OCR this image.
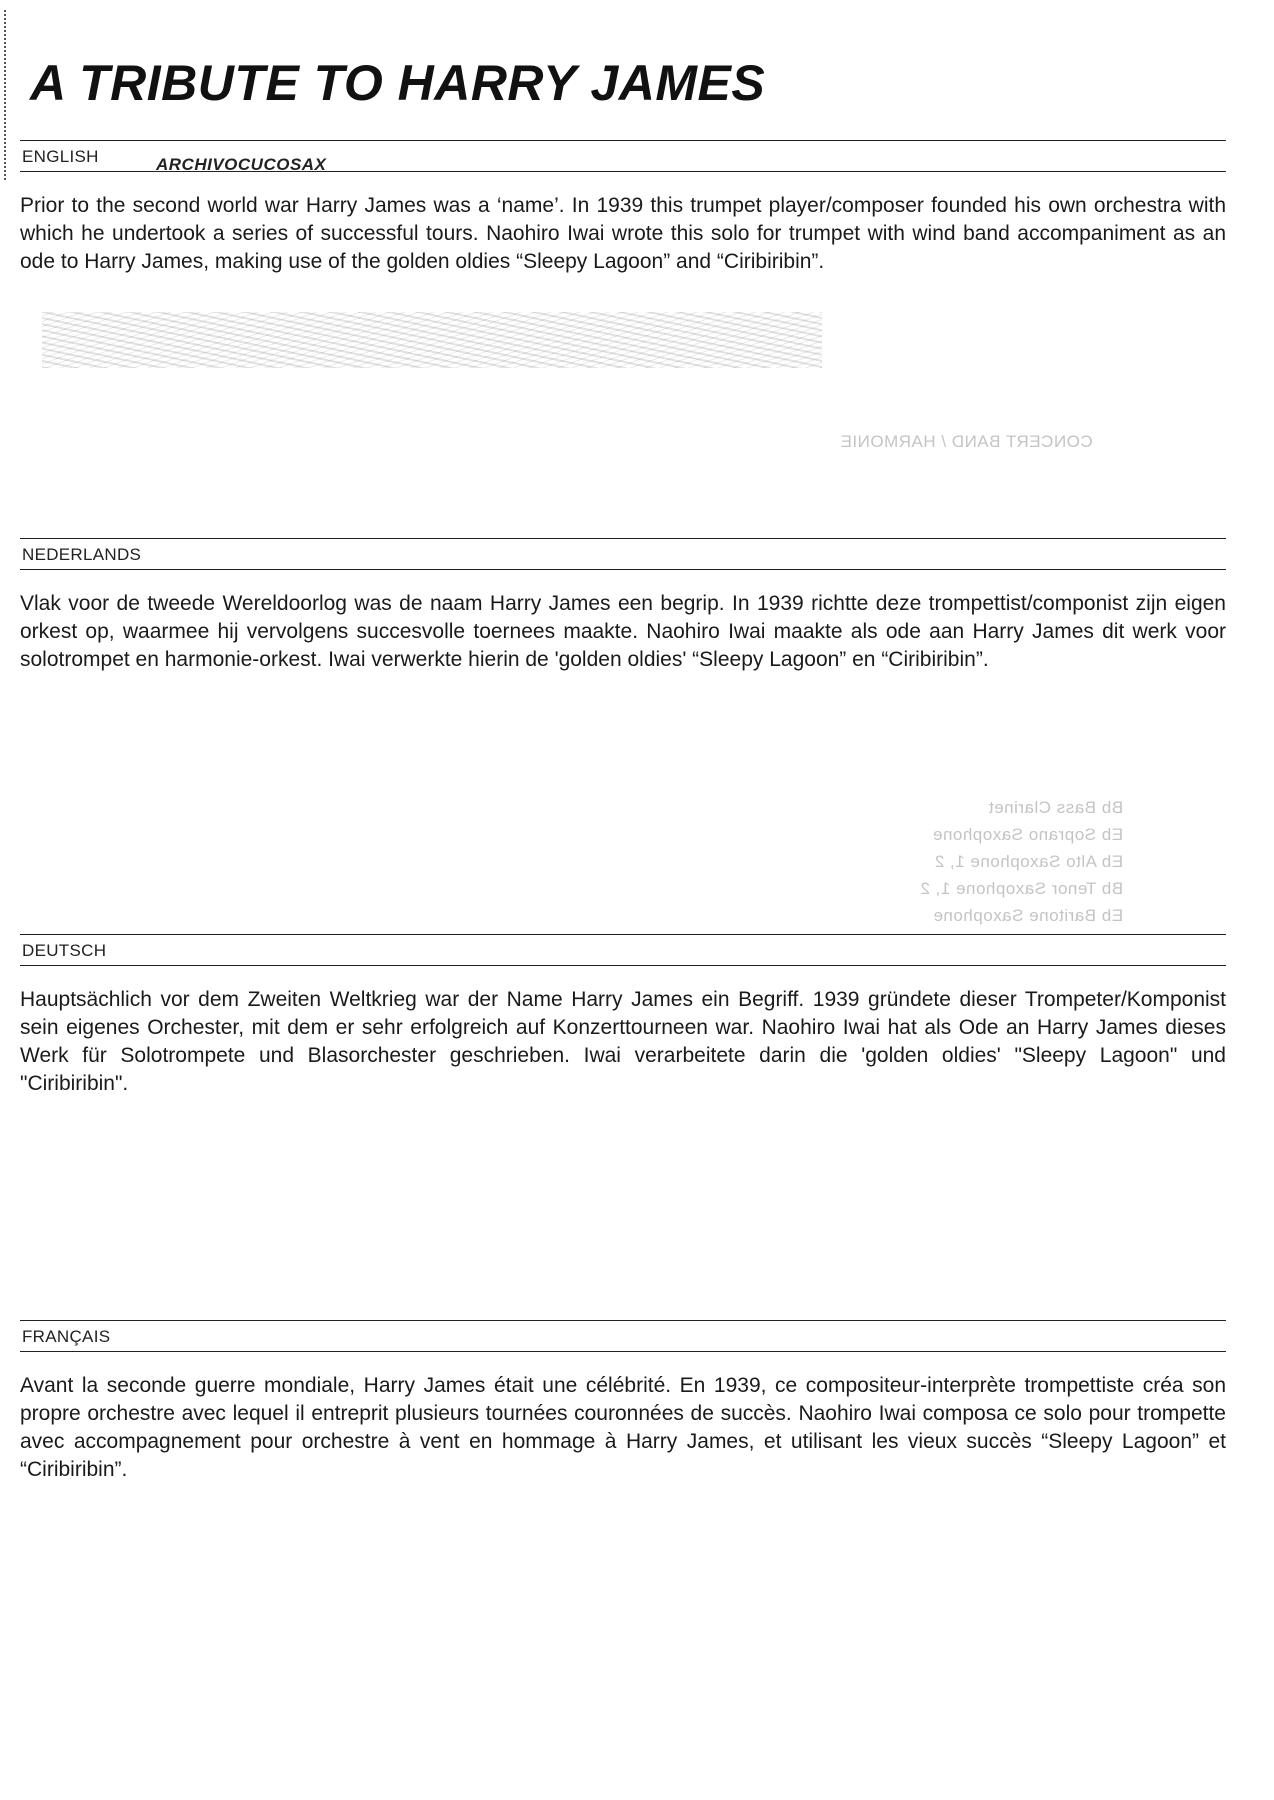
A TRIBUTE TO HARRY JAMES
ENGLISH	ARCHIVOCUCOSAX
Prior to the second world war Harry James was a ‘name’. In 1939 this trumpet player/composer founded his own orchestra with which he undertook a series of successful tours. Naohiro Iwai wrote this solo for trumpet with wind band accompaniment as an ode to Harry James, making use of the golden oldies “Sleepy Lagoon” and “Ciribiribin”.
CONCERT BAND / HARMONIE
Bb Bass Clarinet
Eb Soprano Saxophone
Eb Alto Saxophone 1, 2
Bb Tenor Saxophone 1, 2
Eb Baritone Saxophone
NEDERLANDS
Vlak voor de tweede Wereldoorlog was de naam Harry James een begrip. In 1939 richtte deze trompettist/componist zijn eigen orkest op, waarmee hij vervolgens succesvolle toernees maakte. Naohiro Iwai maakte als ode aan Harry James dit werk voor solotrompet en harmonie-orkest. Iwai verwerkte hierin de 'golden oldies' “Sleepy Lagoon” en “Ciribiribin”.
DEUTSCH
Hauptsächlich vor dem Zweiten Weltkrieg war der Name Harry James ein Begriff. 1939 gründete dieser Trompeter/Komponist sein eigenes Orchester, mit dem er sehr erfolgreich auf Konzerttourneen war. Naohiro Iwai hat als Ode an Harry James dieses Werk für Solotrompete und Blasorchester geschrieben. Iwai verarbeitete darin die 'golden oldies' "Sleepy Lagoon" und "Ciribiribin".
FRANÇAIS
Avant la seconde guerre mondiale, Harry James était une célébrité. En 1939, ce compositeur-interprète trompettiste créa son propre orchestre avec lequel il entreprit plusieurs tournées couronnées de succès. Naohiro Iwai composa ce solo pour trompette avec accompagnement pour orchestre à vent en hommage à Harry James, et utilisant les vieux succès “Sleepy Lagoon” et “Ciribiribin”.
